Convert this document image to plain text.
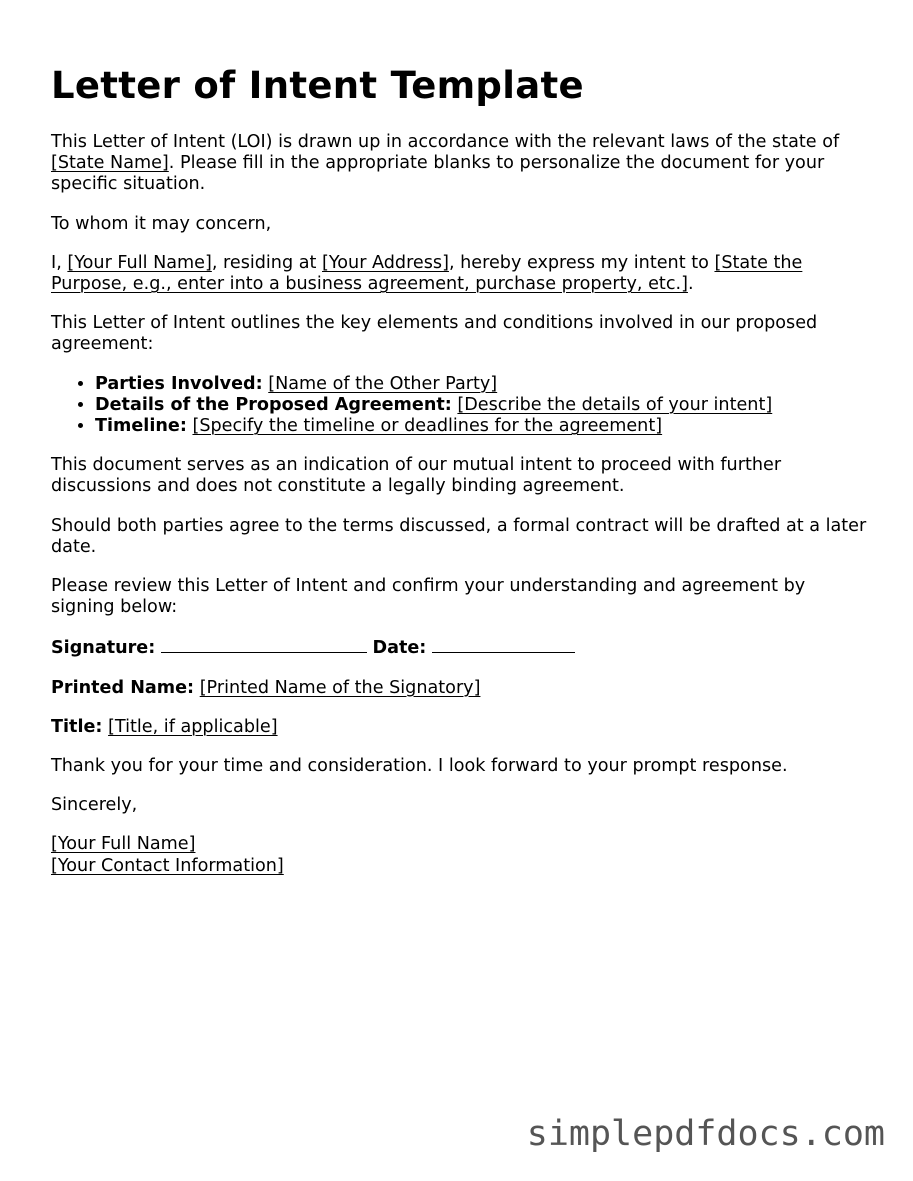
Letter of Intent Template

This Letter of Intent (LOI) is drawn up in accordance with the relevant laws of the state of [State Name]. Please fill in the appropriate blanks to personalize the document for your specific situation.

To whom it may concern,

I, [Your Full Name], residing at [Your Address], hereby express my intent to [State the Purpose, e.g., enter into a business agreement, purchase property, etc.].

This Letter of Intent outlines the key elements and conditions involved in our proposed agreement:

• Parties Involved: [Name of the Other Party]
• Details of the Proposed Agreement: [Describe the details of your intent]
• Timeline: [Specify the timeline or deadlines for the agreement]

This document serves as an indication of our mutual intent to proceed with further discussions and does not constitute a legally binding agreement.

Should both parties agree to the terms discussed, a formal contract will be drafted at a later date.

Please review this Letter of Intent and confirm your understanding and agreement by signing below:

Signature:	Date:

Printed Name: [Printed Name of the Signatory]

Title: [Title, if applicable]

Thank you for your time and consideration. I look forward to your prompt response.

Sincerely,

[Your Full Name]
[Your Contact Information]

simplepdfdocs.com
